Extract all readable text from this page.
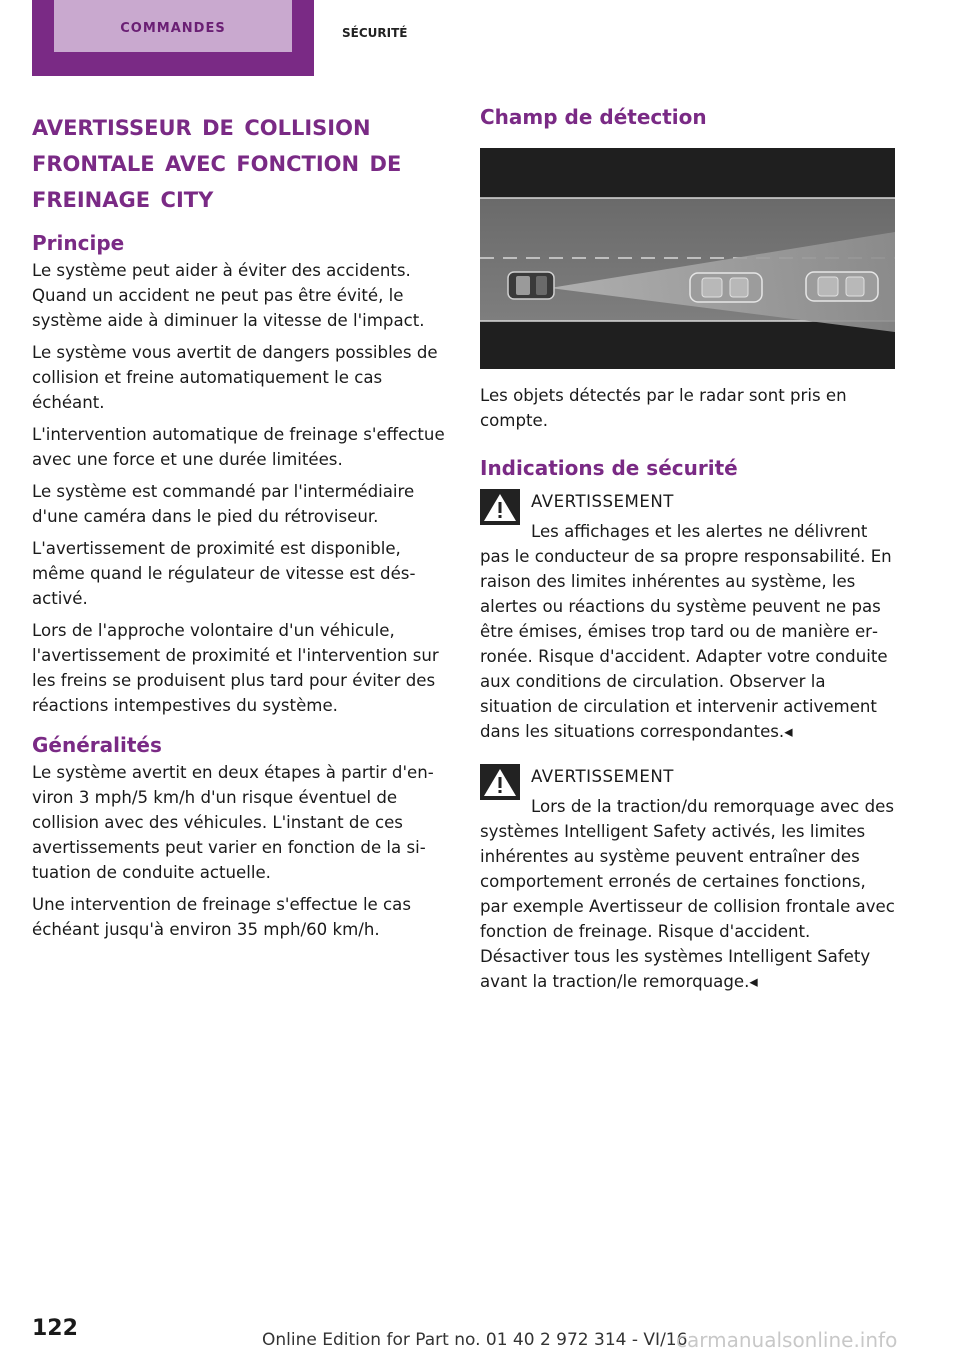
commandes	sécurité
avertisseur de collision frontale avec fonction de freinage city
Principe

Le système peut aider à éviter des accidents. Quand un accident ne peut pas être évité, le système aide à diminuer la vitesse de l'impact.

Le système vous avertit de dangers possibles de collision et freine automatiquement le cas échéant.

L'intervention automatique de freinage s'effectue avec une force et une durée limitées.

Le système est commandé par l'intermédiaire d'une caméra dans le pied du rétroviseur.

L'avertissement de proximité est disponible, même quand le régulateur de vitesse est désactivé.

Lors de l'approche volontaire d'un véhicule, l'avertissement de proximité et l'intervention sur les freins se produisent plus tard pour éviter des réactions intempestives du système.

Généralités

Le système avertit en deux étapes à partir d'environ 3 mph/5 km/h d'un risque éventuel de collision avec des véhicules. L'instant de ces avertissements peut varier en fonction de la situation de conduite actuelle.

Une intervention de freinage s'effectue le cas échéant jusqu'à environ 35 mph/60 km/h.

Champ de détection

Les objets détectés par le radar sont pris en compte.

Indications de sécurité
AVERTISSEMENT

Les affichages et les alertes ne délivrent pas le conducteur de sa propre responsabilité. En raison des limites inhérentes au système, les alertes ou réactions du système peuvent ne pas être émises, émises trop tard ou de manière erronée. Risque d'accident. Adapter votre conduite aux conditions de circulation. Observer la situation de circulation et intervenir activement dans les situations correspondantes.◂

AVERTISSEMENT

Lors de la traction/du remorquage avec des systèmes Intelligent Safety activés, les limites inhérentes au système peuvent entraîner des comportement erronés de certaines fonctions, par exemple Avertisseur de collision frontale avec fonction de freinage. Risque d'accident. Désactiver tous les systèmes Intelligent Safety avant la traction/le remorquage.◂

122	Online Edition for Part no. 01 40 2 972 314 - VI/16
carmanualsonline.info
